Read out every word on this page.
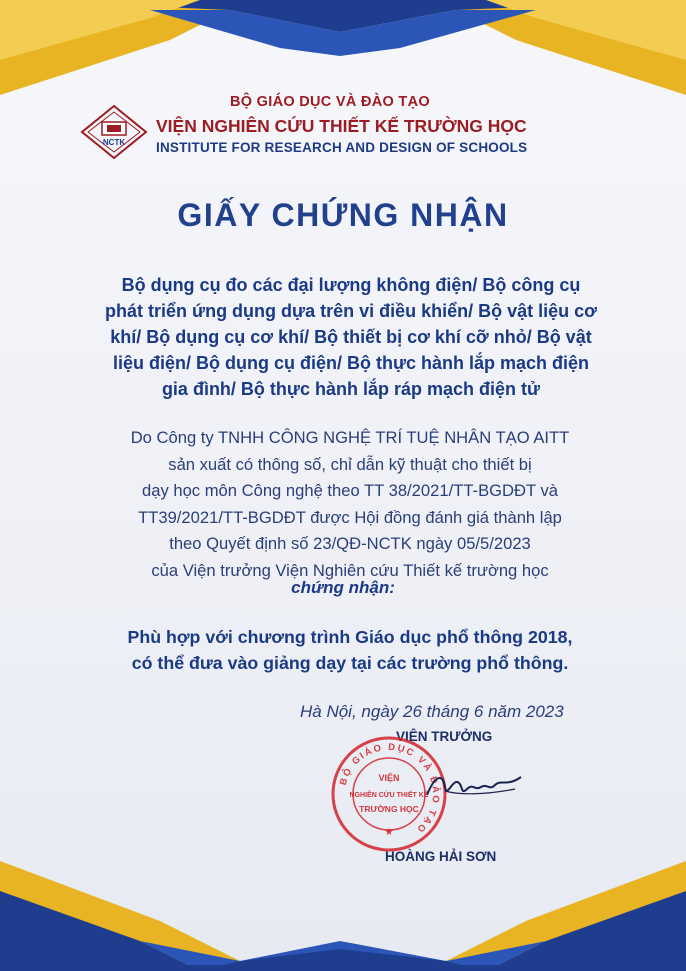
NCTK
BỘ GIÁO DỤC VÀ ĐÀO TẠO
VIỆN NGHIÊN CỨU THIẾT KẾ TRƯỜNG HỌC
INSTITUTE FOR RESEARCH AND DESIGN OF SCHOOLS
GIẤY CHỨNG NHẬN
Bộ dụng cụ đo các đại lượng không điện/ Bộ công cụ
phát triển ứng dụng dựa trên vi điều khiển/ Bộ vật liệu cơ
khí/ Bộ dụng cụ cơ khí/ Bộ thiết bị cơ khí cỡ nhỏ/ Bộ vật
liệu điện/ Bộ dụng cụ điện/ Bộ thực hành lắp mạch điện
gia đình/ Bộ thực hành lắp ráp mạch điện tử
Do Công ty TNHH CÔNG NGHỆ TRÍ TUỆ NHÂN TẠO AITT
sản xuất có thông số, chỉ dẫn kỹ thuật cho thiết bị
dạy học môn Công nghệ theo TT 38/2021/TT-BGDĐT và
TT39/2021/TT-BGDĐT được Hội đồng đánh giá thành lập
theo Quyết định số 23/QĐ-NCTK ngày 05/5/2023
của Viện trưởng Viện Nghiên cứu Thiết kế trường học
chứng nhận:
Phù hợp với chương trình Giáo dục phổ thông 2018,
có thể đưa vào giảng dạy tại các trường phổ thông.
Hà Nội, ngày 26 tháng 6 năm 2023
VIỆN TRƯỞNG
BỘ GIÁO DỤC VÀ ĐÀO TẠO
VIỆN
NGHIÊN CỨU THIẾT KẾ
TRƯỜNG HỌC
★
HOÀNG HẢI SƠN
